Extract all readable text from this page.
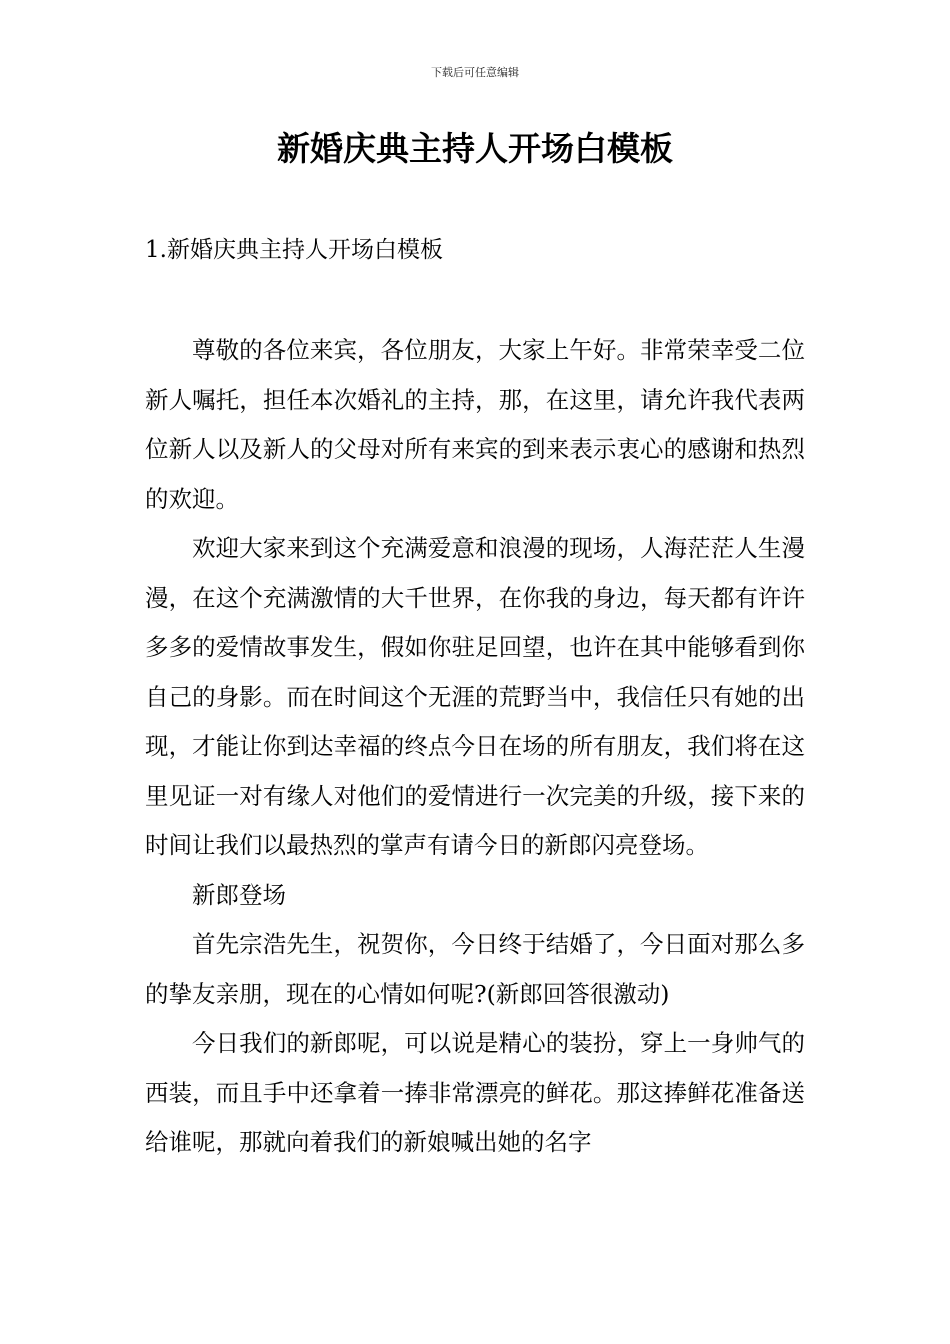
下载后可任意编辑
新婚庆典主持人开场白模板
1.新婚庆典主持人开场白模板

尊敬的各位来宾，各位朋友，大家上午好。非常荣幸受二位新人嘱托，担任本次婚礼的主持，那，在这里，请允许我代表两位新人以及新人的父母对所有来宾的到来表示衷心的感谢和热烈的欢迎。

欢迎大家来到这个充满爱意和浪漫的现场，人海茫茫人生漫漫，在这个充满激情的大千世界，在你我的身边，每天都有许许多多的爱情故事发生，假如你驻足回望，也许在其中能够看到你自己的身影。而在时间这个无涯的荒野当中，我信任只有她的出现，才能让你到达幸福的终点今日在场的所有朋友，我们将在这里见证一对有缘人对他们的爱情进行一次完美的升级，接下来的时间让我们以最热烈的掌声有请今日的新郎闪亮登场。

新郎登场

首先宗浩先生，祝贺你，今日终于结婚了，今日面对那么多的挚友亲朋，现在的心情如何呢?(新郎回答很激动)

今日我们的新郎呢，可以说是精心的装扮，穿上一身帅气的西装，而且手中还拿着一捧非常漂亮的鲜花。那这捧鲜花准备送给谁呢，那就向着我们的新娘喊出她的名字
